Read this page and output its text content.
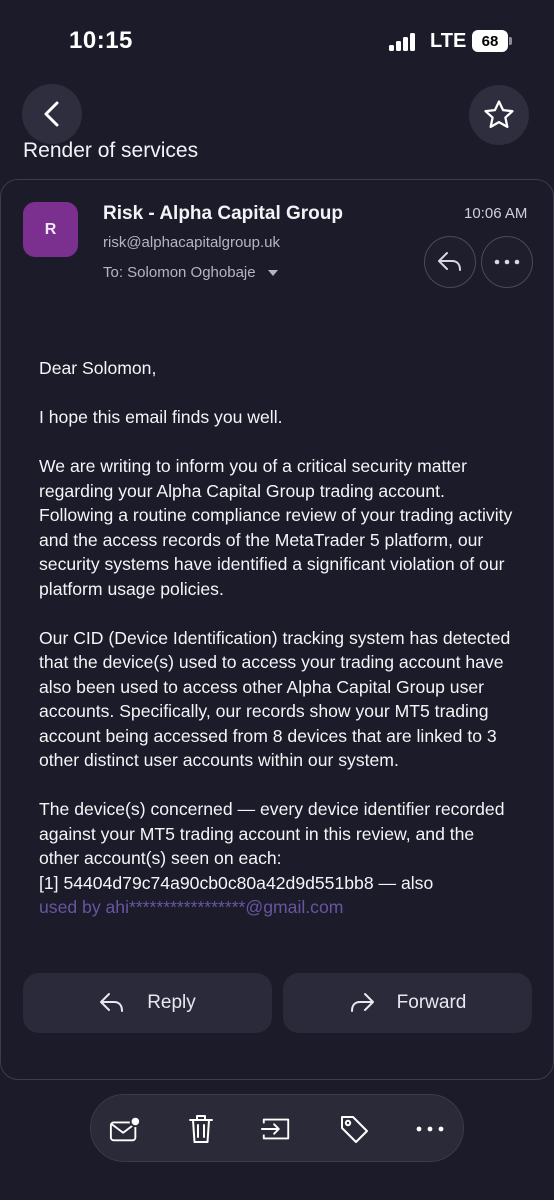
10:15	LTE 68
Render of services
R
Risk - Alpha Capital Group
risk@alphacapitalgroup.uk
To: Solomon Oghobaje
10:06 AM

Dear Solomon,

I hope this email finds you well.

We are writing to inform you of a critical security matter regarding your Alpha Capital Group trading account. Following a routine compliance review of your trading activity and the access records of the MetaTrader 5 platform, our security systems have identified a significant violation of our platform usage policies.

Our CID (Device Identification) tracking system has detected that the device(s) used to access your trading account have also been used to access other Alpha Capital Group user accounts. Specifically, our records show your MT5 trading account being accessed from 8 devices that are linked to 3 other distinct user accounts within our system.

The device(s) concerned — every device identifier recorded against your MT5 trading account in this review, and the other account(s) seen on each:

[1] 54404d79c74a90cb0c80a42d9d551bb8 — also

used by ahi*****************@gmail.com

Reply	Forward
